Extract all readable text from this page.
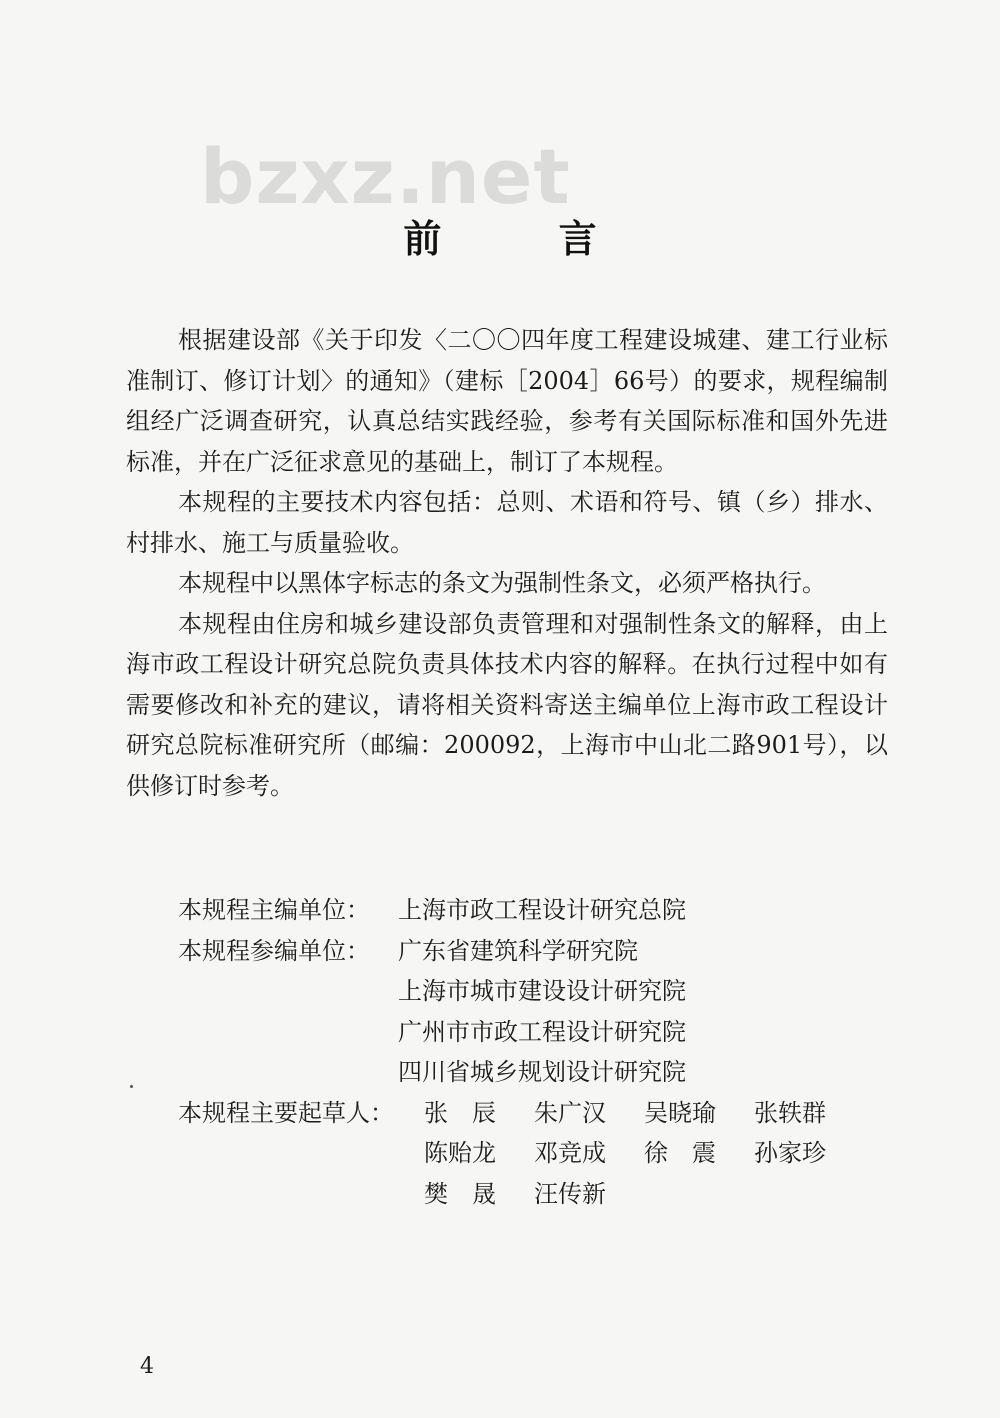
bzxz.net
前 言

根据建设部《关于印发〈二〇〇四年度工程建设城建、建工行业标准制订、修订计划〉的通知》（建标［2004］66号）的要求，规程编制组经广泛调查研究，认真总结实践经验，参考有关国际标准和国外先进标准，并在广泛征求意见的基础上，制订了本规程。

本规程的主要技术内容包括：总则、术语和符号、镇（乡）排水、村排水、施工与质量验收。

本规程中以黑体字标志的条文为强制性条文，必须严格执行。

本规程由住房和城乡建设部负责管理和对强制性条文的解释，由上海市政工程设计研究总院负责具体技术内容的解释。在执行过程中如有需要修改和补充的建议，请将相关资料寄送主编单位上海市政工程设计研究总院标准研究所（邮编：200092，上海市中山北二路901号），以供修订时参考。

本规程主编单位：	上海市政工程设计研究总院
本规程参编单位：	广东省建筑科学研究院
上海市城市建设设计研究院
广州市市政工程设计研究院
四川省城乡规划设计研究院
本规程主要起草人：	张　辰	朱广汉	吴晓瑜	张轶群
陈贻龙	邓竞成	徐　震	孙家珍
樊　晟	汪传新
4
